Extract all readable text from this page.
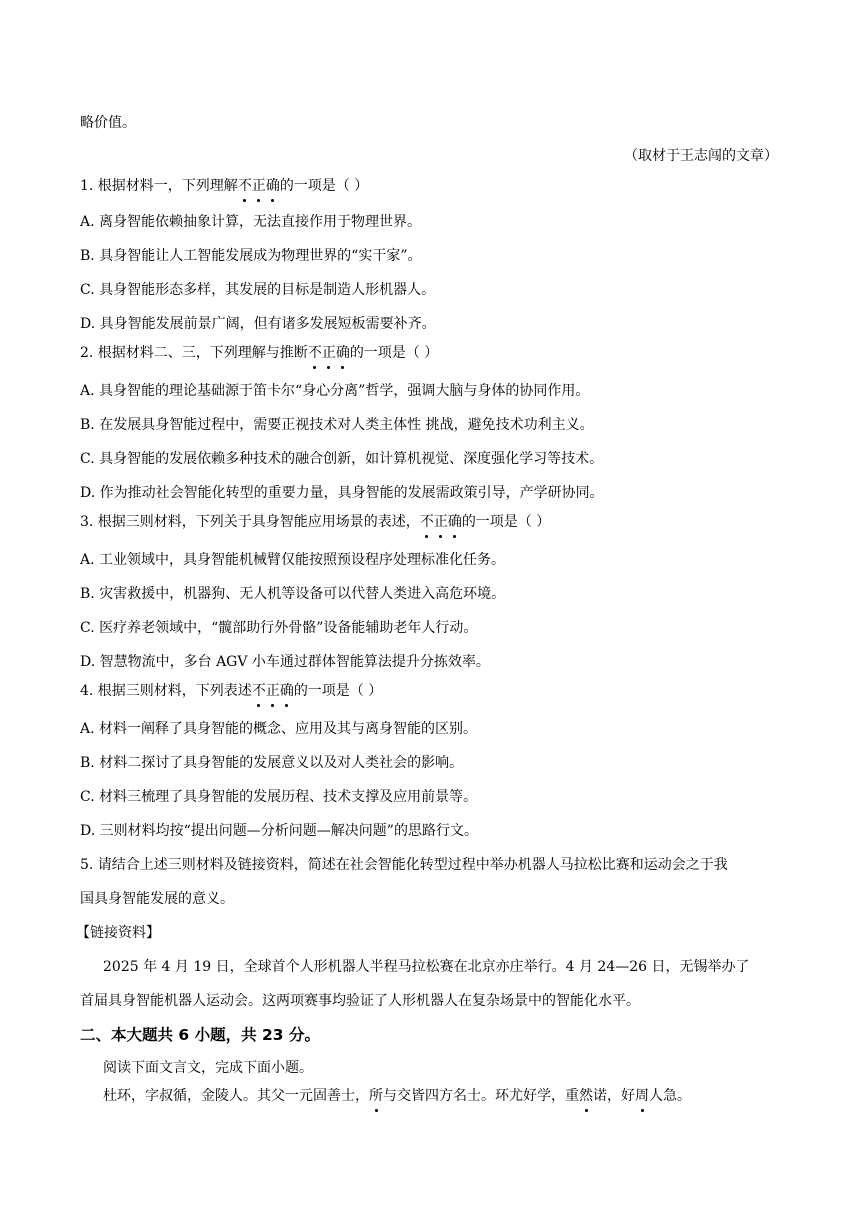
略价值。
（取材于王志闯的文章）
1. 根据材料一，下列理解不正确的一项是（ ）
A. 离身智能依赖抽象计算，无法直接作用于物理世界。
B. 具身智能让人工智能发展成为物理世界的“实干家”。
C. 具身智能形态多样，其发展的目标是制造人形机器人。
D. 具身智能发展前景广阔，但有诸多发展短板需要补齐。
2. 根据材料二、三，下列理解与推断不正确的一项是（ ）
A. 具身智能的理论基础源于笛卡尔“身心分离”哲学，强调大脑与身体的协同作用。
B. 在发展具身智能过程中，需要正视技术对人类主体性 挑战，避免技术功利主义。
C. 具身智能的发展依赖多种技术的融合创新，如计算机视觉、深度强化学习等技术。
D. 作为推动社会智能化转型的重要力量，具身智能的发展需政策引导，产学研协同。
3. 根据三则材料，下列关于具身智能应用场景的表述，不正确的一项是（ ）
A. 工业领域中，具身智能机械臂仅能按照预设程序处理标准化任务。
B. 灾害救援中，机器狗、无人机等设备可以代替人类进入高危环境。
C. 医疗养老领域中，“髋部助行外骨骼”设备能辅助老年人行动。
D. 智慧物流中，多台 AGV 小车通过群体智能算法提升分拣效率。
4. 根据三则材料，下列表述不正确的一项是（ ）
A. 材料一阐释了具身智能的概念、应用及其与离身智能的区别。
B. 材料二探讨了具身智能的发展意义以及对人类社会的影响。
C. 材料三梳理了具身智能的发展历程、技术支撑及应用前景等。
D. 三则材料均按“提出问题—分析问题—解决问题”的思路行文。
5. 请结合上述三则材料及链接资料，简述在社会智能化转型过程中举办机器人马拉松比赛和运动会之于我
国具身智能发展的意义。
【链接资料】
2025 年 4 月 19 日，全球首个人形机器人半程马拉松赛在北京亦庄举行。4 月 24—26 日，无锡举办了
首届具身智能机器人运动会。这两项赛事均验证了人形机器人在复杂场景中的智能化水平。
二、本大题共 6 小题，共 23 分。
阅读下面文言文，完成下面小题。
杜环，字叔循，金陵人。其父一元固善士，所与交皆四方名士。环尤好学，重然诺，好周人急。
